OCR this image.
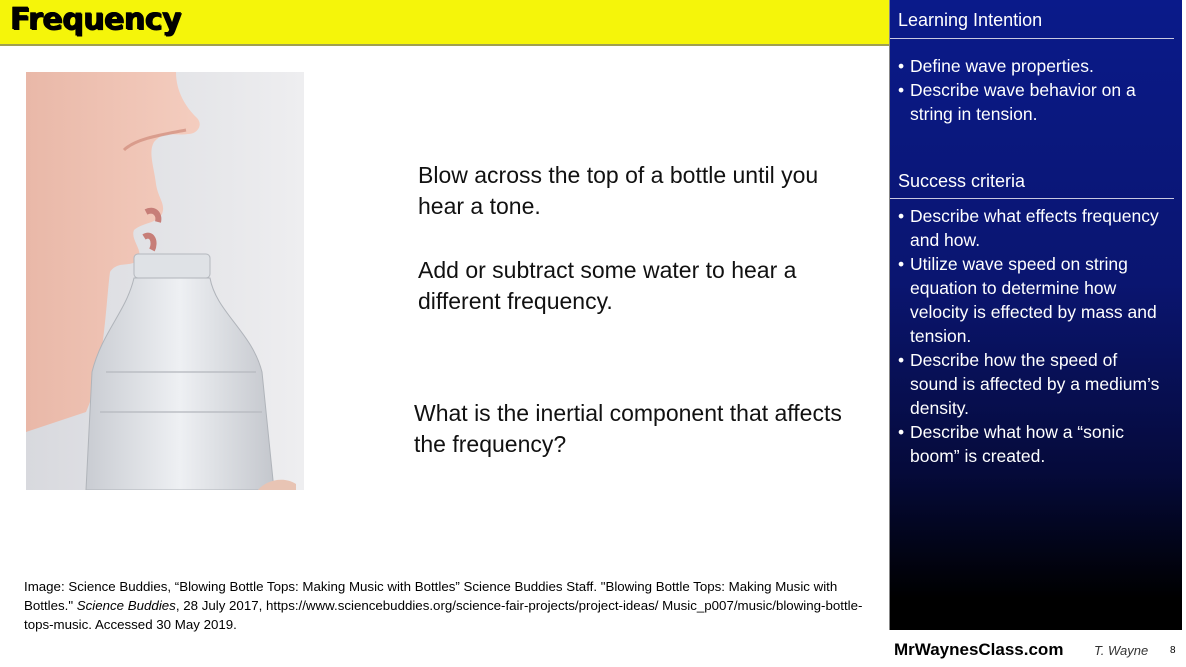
Frequency
Blow across the top of a bottle until you hear a tone.
Add or subtract some water to hear a different frequency.
What is the inertial component that affects the frequency?
Image: Science Buddies, “Blowing Bottle Tops: Making Music with Bottles” Science Buddies Staff. "Blowing Bottle Tops: Making Music with Bottles." Science Buddies, 28 July 2017, https://www.sciencebuddies.org/science-fair-projects/project-ideas/ Music_p007/music/blowing-bottle-tops-music. Accessed 30 May 2019.
Learning Intention
• Define wave properties.
• Describe wave behavior on a string in tension.
Success criteria
• Describe what effects frequency and how.
• Utilize wave speed on string equation to determine how velocity is effected by mass and tension.
• Describe how the speed of sound is affected by a medium’s density.
• Describe what how a “sonic boom” is created.
MrWaynesClass.com T. Wayne 8
